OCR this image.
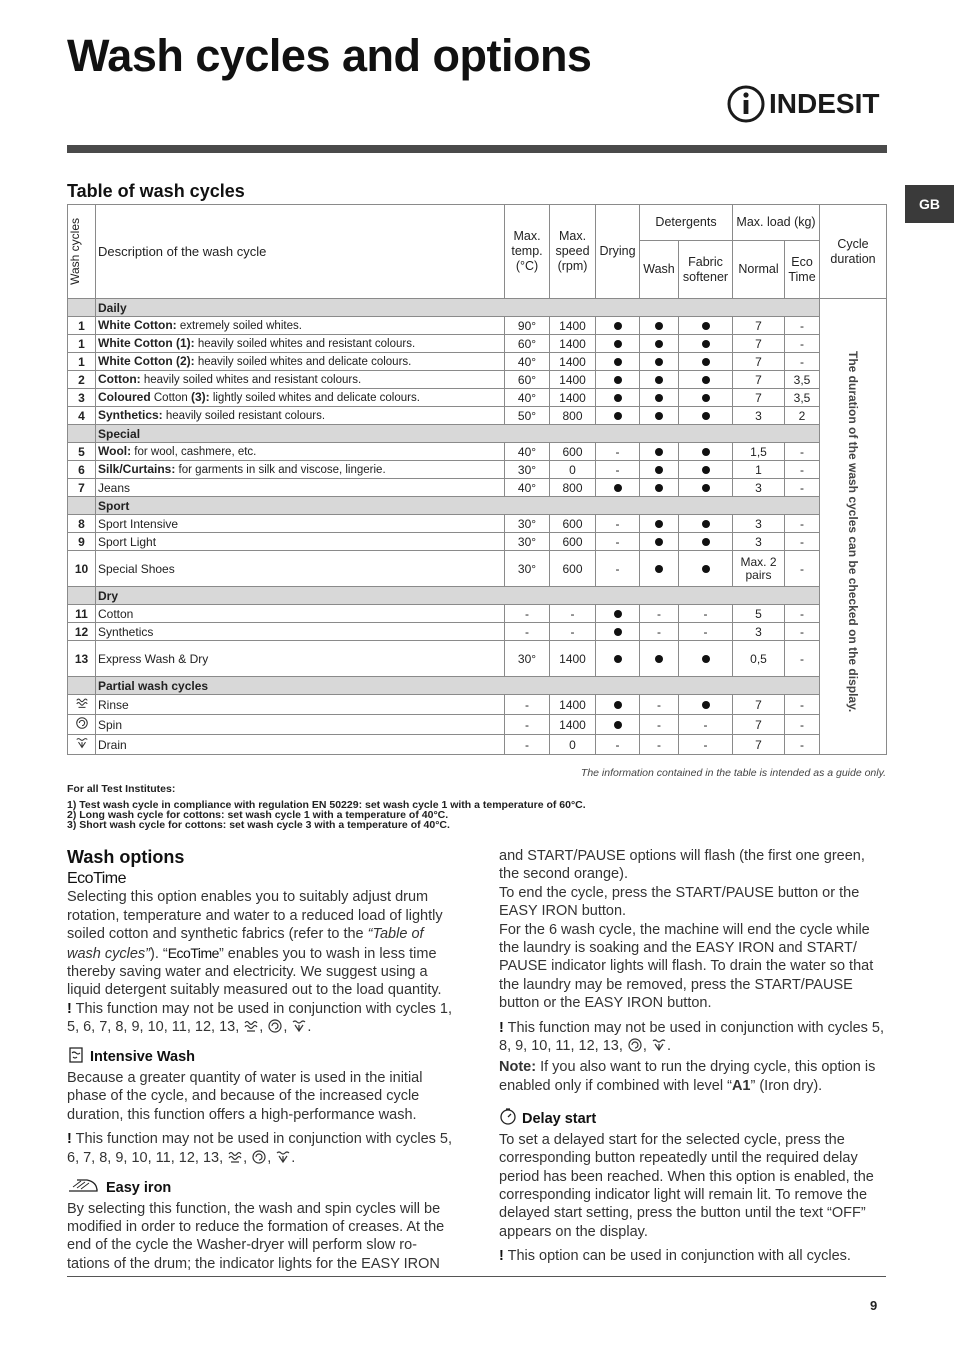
Wash cycles and options
INDESIT
GB
Table of wash cycles
Wash cycles	Description of the wash cycle	Max. temp. (°C)	Max. speed (rpm)	Drying	Detergents		Max. load (kg)		Cycle duration
					Wash	Fabric softener	Normal	Eco Time	
	Daily								The duration of the wash cycles can be checked on the display.

1	White Cotton: extremely soiled whites.	90°	1400				7	-	
1	White Cotton (1): heavily soiled whites and resistant colours.	60°	1400				7	-	
1	White Cotton (2): heavily soiled whites and delicate colours.	40°	1400				7	-	
2	Cotton: heavily soiled whites and resistant colours.	60°	1400				7	3,5	
3	Coloured Cotton (3): lightly soiled whites and delicate colours.	40°	1400				7	3,5	
4	Synthetics: heavily soiled resistant colours.	50°	800				3	2	
	Special								
5	Wool: for wool, cashmere, etc.	40°	600	-			1,5	-	
6	Silk/Curtains: for garments in silk and viscose, lingerie.	30°	0	-			1	-	
7	Jeans	40°	800				3	-	
	Sport								
8	Sport Intensive	30°	600	-			3	-	
9	Sport Light	30°	600	-			3	-	
10	Special Shoes	30°	600	-			Max. 2 pairs	-	
	Dry								
11	Cotton	-	-		-	-	5	-	
12	Synthetics	-	-		-	-	3	-	
13	Express Wash & Dry	30°	1400				0,5	-	
	Partial wash cycles								
	Rinse	-	1400		-		7	-	
	Spin	-	1400		-	-	7	-	
	Drain	-	0	-	-	-	7	-	
The information contained in the table is intended as a guide only.
For all Test Institutes:
1) Test wash cycle in compliance with regulation EN 50229: set wash cycle 1 with a temperature of 60°C.
2) Long wash cycle for cottons: set wash cycle 1 with a temperature of 40°C.
3) Short wash cycle for cottons: set wash cycle 3 with a temperature of 40°C.
Wash options
EcoTime

Selecting this option enables you to suitably adjust drum rotation, temperature and water to a reduced load of lightly soiled cotton and synthetic fabrics (refer to the “Table of wash cycles”). “EcoTime” enables you to wash in less time thereby saving water and electricity. We suggest using a liquid detergent suitably measured out to the load quantity.

! This function may not be used in conjunction with cycles 1, 5, 6, 7, 8, 9, 10, 11, 12, 13, , , .

Intensive Wash

Because a greater quantity of water is used in the initial phase of the cycle, and because of the increased cycle duration, this function offers a high-performance wash.

! This function may not be used in conjunction with cycles 5, 6, 7, 8, 9, 10, 11, 12, 13, , , .

Easy iron

By selecting this function, the wash and spin cycles will be modified in order to reduce the formation of creases. At the end of the cycle the Washer-dryer will perform slow ro-tations of the drum; the indicator lights for the EASY IRON

and START/PAUSE options will flash (the first one green, the second orange).

To end the cycle, press the START/PAUSE button or the EASY IRON button.

For the 6 wash cycle, the machine will end the cycle while the laundry is soaking and the EASY IRON and START/ PAUSE indicator lights will flash. To drain the water so that the laundry may be removed, press the START/PAUSE button or the EASY IRON button.

! This function may not be used in conjunction with cycles 5, 8, 9, 10, 11, 12, 13, , .

Note: If you also want to run the drying cycle, this option is enabled only if combined with level “A1” (Iron dry).

Delay start

To set a delayed start for the selected cycle, press the corresponding button repeatedly until the required delay period has been reached. When this option is enabled, the corresponding indicator light will remain lit. To remove the delayed start setting, press the button until the text “OFF” appears on the display.

! This option can be used in conjunction with all cycles.

9
